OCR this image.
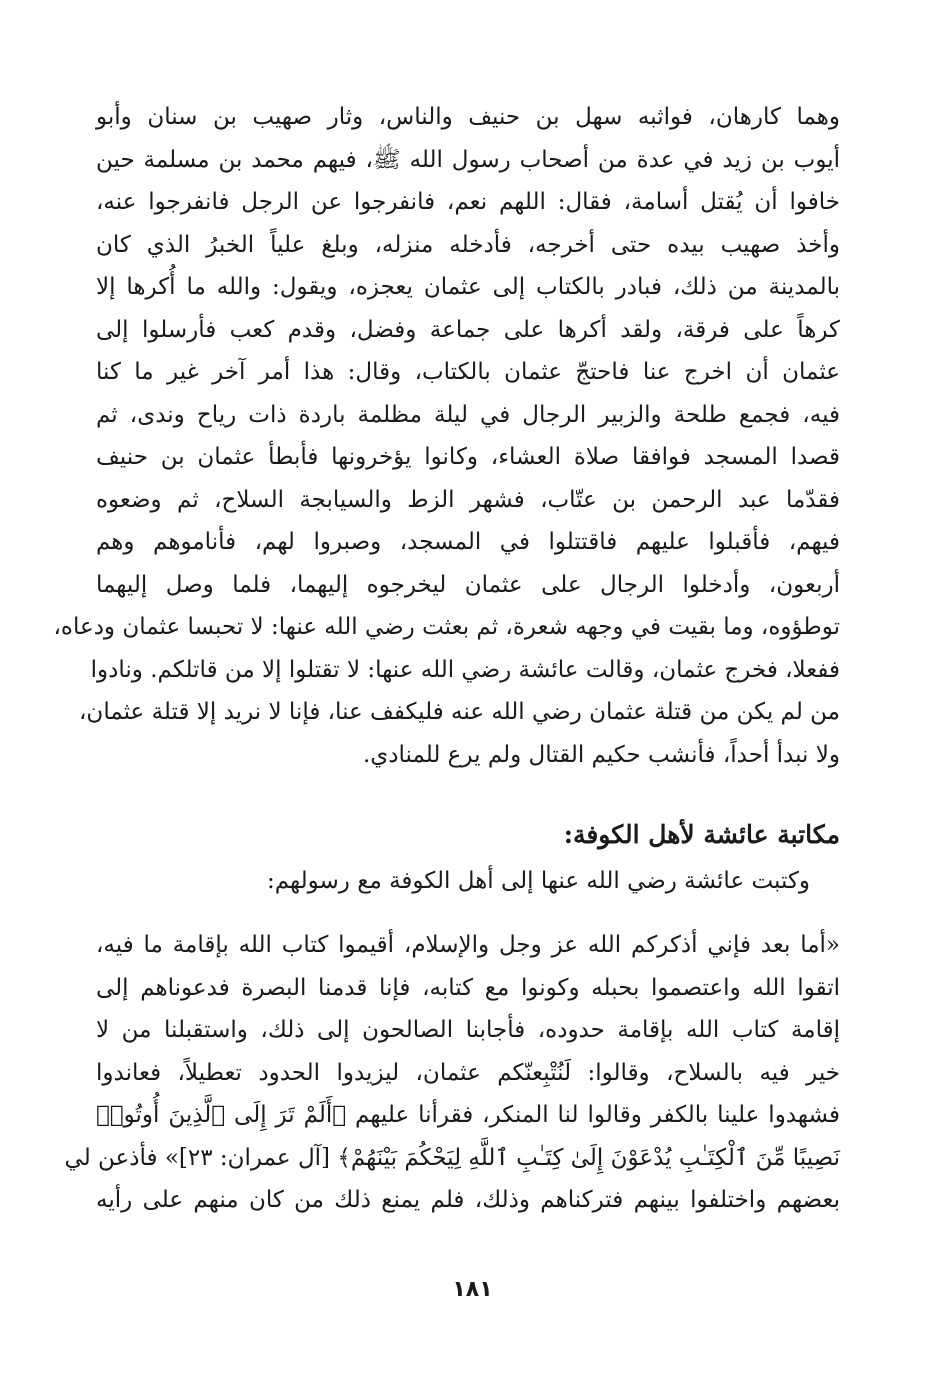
وهما كارهان، فواثبه سهل بن حنيف والناس، وثار صهيب بن سنان وأبو
أيوب بن زيد في عدة من أصحاب رسول الله ﷺ، فيهم محمد بن مسلمة حين
خافوا أن يُقتل أسامة، فقال: اللهم نعم، فانفرجوا عن الرجل فانفرجوا عنه،
وأخذ صهيب بيده حتى أخرجه، فأدخله منزله، وبلغ علياً الخبرُ الذي كان
بالمدينة من ذلك، فبادر بالكتاب إلى عثمان يعجزه، ويقول: والله ما أُكرها إلا
كرهاً على فرقة، ولقد أكرها على جماعة وفضل، وقدم كعب فأرسلوا إلى
عثمان أن اخرج عنا فاحتجّ عثمان بالكتاب، وقال: هذا أمر آخر غير ما كنا
فيه، فجمع طلحة والزبير الرجال في ليلة مظلمة باردة ذات رياح وندى، ثم
قصدا المسجد فوافقا صلاة العشاء، وكانوا يؤخرونها فأبطأ عثمان بن حنيف
فقدّما عبد الرحمن بن عتّاب، فشهر الزط والسيابجة السلاح، ثم وضعوه
فيهم، فأقبلوا عليهم فاقتتلوا في المسجد، وصبروا لهم، فأناموهم وهم
أربعون، وأدخلوا الرجال على عثمان ليخرجوه إليهما، فلما وصل إليهما
توطؤوه، وما بقيت في وجهه شعرة، ثم بعثت رضي الله عنها: لا تحبسا عثمان ودعاه،
ففعلا، فخرج عثمان، وقالت عائشة رضي الله عنها: لا تقتلوا إلا من قاتلكم. ونادوا
من لم يكن من قتلة عثمان رضي الله عنه فليكفف عنا، فإنا لا نريد إلا قتلة عثمان،
ولا نبدأ أحداً، فأنشب حكيم القتال ولم يرع للمنادي.
مكاتبة عائشة لأهل الكوفة:
وكتبت عائشة رضي الله عنها إلى أهل الكوفة مع رسولهم:
«أما بعد فإني أذكركم الله عز وجل والإسلام، أقيموا كتاب الله بإقامة ما فيه،
اتقوا الله واعتصموا بحبله وكونوا مع كتابه، فإنا قدمنا البصرة فدعوناهم إلى
إقامة كتاب الله بإقامة حدوده، فأجابنا الصالحون إلى ذلك، واستقبلنا من لا
خير فيه بالسلاح، وقالوا: لَنُتْبِعنّكم عثمان، ليزيدوا الحدود تعطيلاً، فعاندوا
فشهدوا علينا بالكفر وقالوا لنا المنكر، فقرأنا عليهم ﴿أَلَمْ تَرَ إِلَى ٱلَّذِينَ أُوتُوا۟
نَصِيبًا مِّنَ ٱلْكِتَـٰبِ يُدْعَوْنَ إِلَىٰ كِتَـٰبِ ٱللَّهِ لِيَحْكُمَ بَيْنَهُمْ﴾ [آل عمران: ٢٣]» فأذعن لي
بعضهم واختلفوا بينهم فتركناهم وذلك، فلم يمنع ذلك من كان منهم على رأيه
١٨١
